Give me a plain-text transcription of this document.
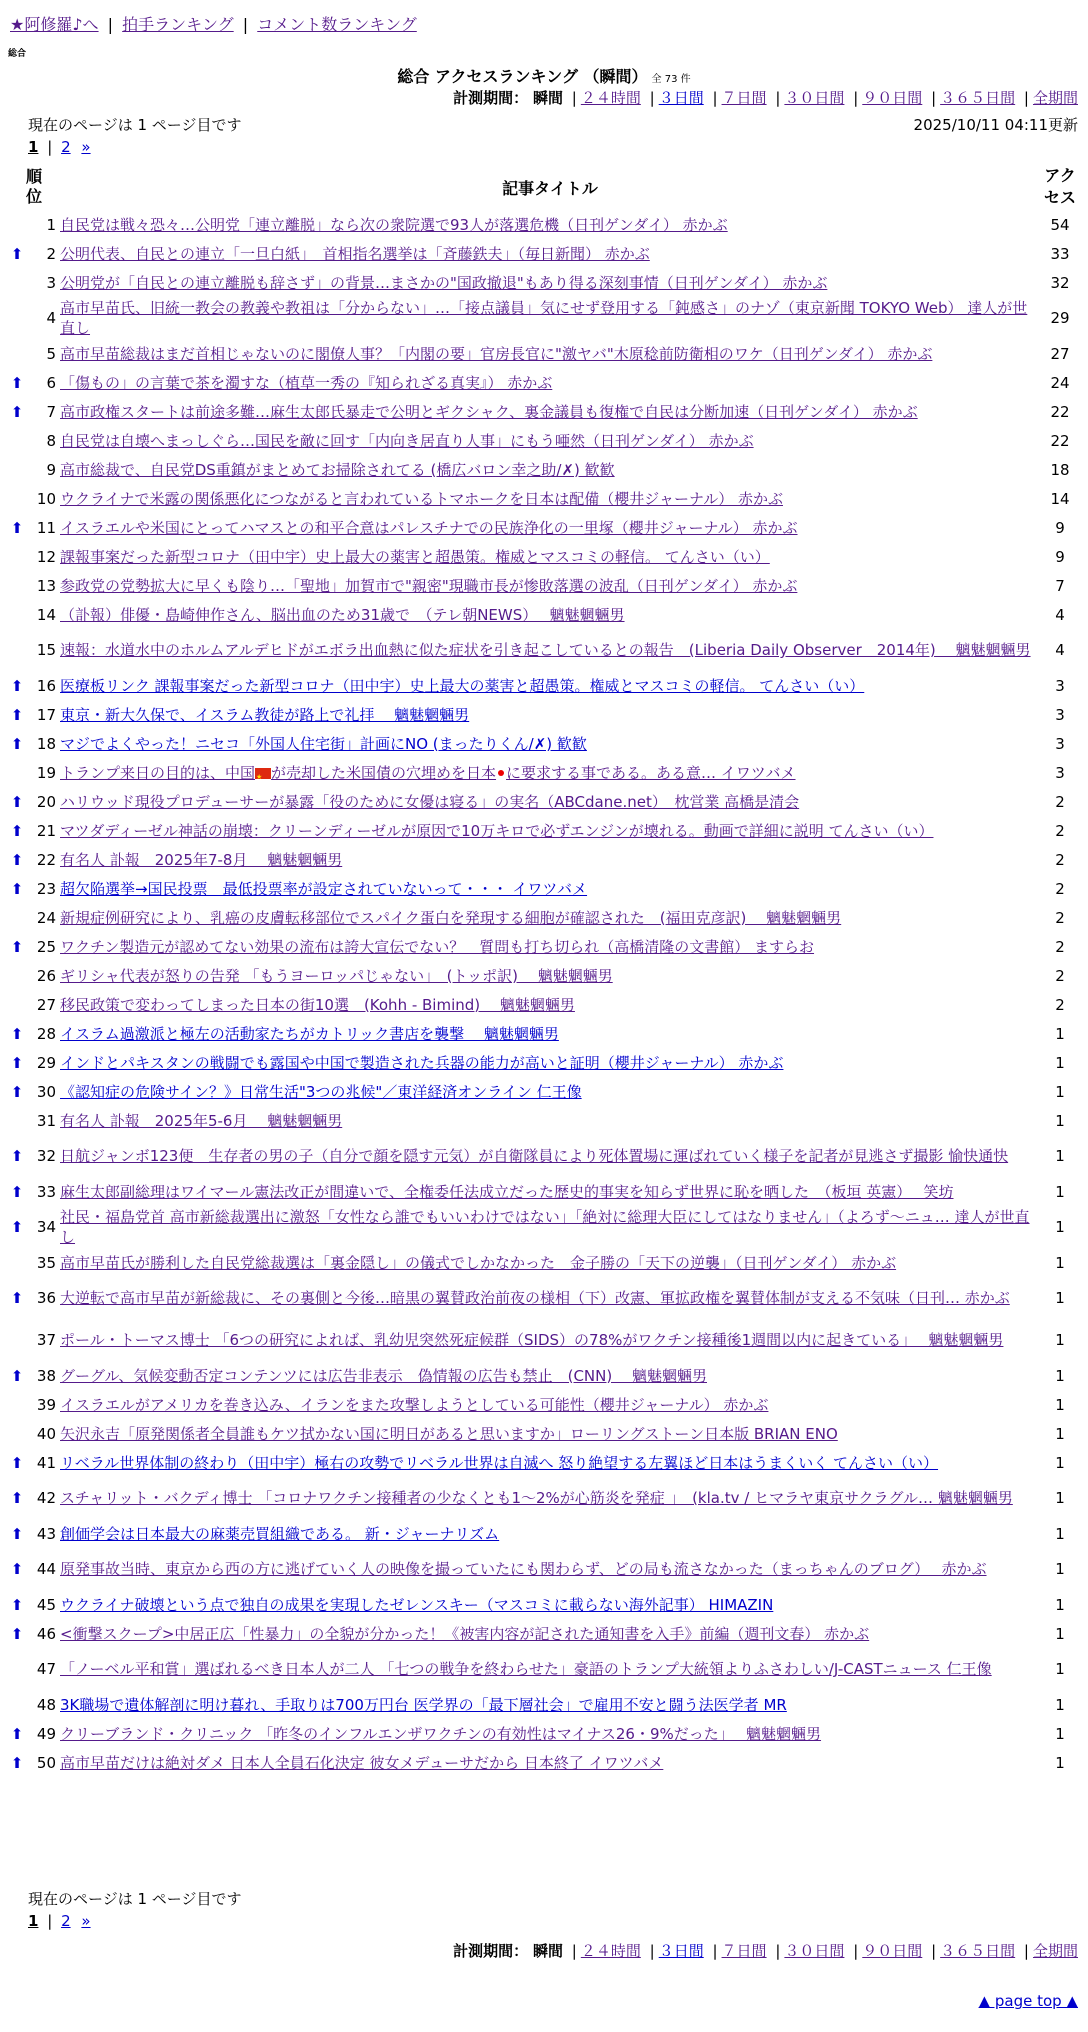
★阿修羅♪へ | 拍手ランキング | コメント数ランキング
総合
総合 アクセスランキング （瞬間） 全 73 件
計測期間： 瞬間 | ２４時間 | ３日間 | ７日間 | ３０日間 | ９０日間 | ３６５日間 | 全期間
現在のページは 1 ページ目です	2025/10/11 04:11更新
1 | 2 »
順位		記事タイトル	アクセス
	1	自民党は戦々恐々…公明党「連立離脱」なら次の衆院選で93人が落選危機（日刊ゲンダイ） 赤かぶ	54
⬆	2	公明代表、自民との連立「一旦白紙」　首相指名選挙は「斉藤鉄夫」（毎日新聞） 赤かぶ	33
	3	公明党が「自民との連立離脱も辞さず」の背景…まさかの"国政撤退"もあり得る深刻事情（日刊ゲンダイ） 赤かぶ	32
	4	高市早苗氏、旧統一教会の教義や教祖は「分からない」…「接点議員」気にせず登用する「鈍感さ」のナゾ（東京新聞 TOKYO Web） 達人が世直し	29
	5	高市早苗総裁はまだ首相じゃないのに閣僚人事？「内閣の要」官房長官に"激ヤバ"木原稔前防衛相のワケ（日刊ゲンダイ） 赤かぶ	27
⬆	6	「傷もの」の言葉で茶を濁すな（植草一秀の『知られざる真実』） 赤かぶ	24
⬆	7	高市政権スタートは前途多難…麻生太郎氏暴走で公明とギクシャク、裏金議員も復権で自民は分断加速（日刊ゲンダイ） 赤かぶ	22
	8	自民党は自壊へまっしぐら…国民を敵に回す「内向き居直り人事」にもう唖然（日刊ゲンダイ） 赤かぶ	22
	9	高市総裁で、自民党DS重鎮がまとめてお掃除されてる (橋広バロン幸之助/✗) 歓歓	18
	10	ウクライナで米露の関係悪化につながると言われているトマホークを日本は配備（櫻井ジャーナル） 赤かぶ	14
⬆	11	イスラエルや米国にとってハマスとの和平合意はパレスチナでの民族浄化の一里塚（櫻井ジャーナル） 赤かぶ	9
	12	課報事案だった新型コロナ（田中宇）史上最大の薬害と超愚策。権威とマスコミの軽信。 てんさい（い）	9
	13	参政党の党勢拡大に早くも陰り…「聖地」加賀市で"親密"現職市長が惨敗落選の波乱（日刊ゲンダイ） 赤かぶ	7
	14	（訃報）俳優・島崎伸作さん、脳出血のため31歳で　（テレ朝NEWS）　 魑魅魍魎男	4
	15	速報：水道水中のホルムアルデヒドがエボラ出血熱に似た症状を引き起こしているとの報告　(Liberia Daily Observer　2014年)　 魑魅魍魎男	4
⬆	16	医療板リンク 課報事案だった新型コロナ（田中宇）史上最大の薬害と超愚策。権威とマスコミの軽信。 てんさい（い）	3
⬆	17	東京・新大久保で、イスラム教徒が路上で礼拝　 魑魅魍魎男	3
⬆	18	マジでよくやった！ニセコ「外国人住宅街」計画にNO (まったりくん/✗) 歓歓	3
	19	トランプ来日の目的は、中国 ★ が売却した米国債の穴埋めを日本 に要求する事である。ある意… イワツバメ	3
⬆	20	ハリウッド現役プロデューサーが暴露「役のために女優は寝る」の実名（ABCdane.net）　枕営業 高橋是清会	2
⬆	21	マツダディーゼル神話の崩壊：クリーンディーゼルが原因で10万キロで必ずエンジンが壊れる。動画で詳細に説明 てんさい（い）	2
⬆	22	有名人 訃報　2025年7-8月　 魑魅魍魎男	2
⬆	23	超欠陥選挙→国民投票　最低投票率が設定されていないって・・・ イワツバメ	2
	24	新規症例研究により、乳癌の皮膚転移部位でスパイク蛋白を発現する細胞が確認された　(福田克彦訳)　 魑魅魍魎男	2
⬆	25	ワクチン製造元が認めてない効果の流布は誇大宣伝でない？　質問も打ち切られ（高橋清隆の文書館） ますらお	2
	26	ギリシャ代表が怒りの告発 「もうヨーロッパじゃない」　(トッポ訳)　 魑魅魍魎男	2
	27	移民政策で変わってしまった日本の街10選　(Kohh - Bimind)　 魑魅魍魎男	2
⬆	28	イスラム過激派と極左の活動家たちがカトリック書店を襲撃　 魑魅魍魎男	1
⬆	29	インドとパキスタンの戦闘でも露国や中国で製造された兵器の能力が高いと証明（櫻井ジャーナル） 赤かぶ	1
⬆	30	《認知症の危険サイン？》日常生活"3つの兆候"／東洋経済オンライン 仁王像	1
	31	有名人 訃報　2025年5-6月　 魑魅魍魎男	1
⬆	32	日航ジャンボ123便　生存者の男の子（自分で顔を隠す元気）が自衛隊員により死体置場に運ばれていく様子を記者が見逃さず撮影 愉快通快	1
⬆	33	麻生太郎副総理はワイマール憲法改正が間違いで、全権委任法成立だった歴史的事実を知らず世界に恥を晒した　（板垣 英憲）　 笑坊	1
⬆	34	社民・福島党首 高市新総裁選出に激怒「女性なら誰でもいいわけではない」「絶対に総理大臣にしてはなりません」（よろず〜ニュ… 達人が世直し	1
	35	高市早苗氏が勝利した自民党総裁選は「裏金隠し」の儀式でしかなかった　金子勝の「天下の逆襲」（日刊ゲンダイ） 赤かぶ	1
⬆	36	大逆転で高市早苗が新総裁に、その裏側と今後…暗黒の翼賛政治前夜の様相（下）改憲、軍拡政権を翼賛体制が支える不気味（日刊… 赤かぶ	1
	37	ポール・トーマス博士 「6つの研究によれば、乳幼児突然死症候群（SIDS）の78%がワクチン接種後1週間以内に起きている」　 魑魅魍魎男	1
⬆	38	グーグル、気候変動否定コンテンツには広告非表示　偽情報の広告も禁止　(CNN)　 魑魅魍魎男	1
	39	イスラエルがアメリカを巻き込み、イランをまた攻撃しようとしている可能性（櫻井ジャーナル） 赤かぶ	1
	40	矢沢永吉「原発関係者全員誰もケツ拭かない国に明日があると思いますか」ローリングストーン日本版 BRIAN ENO	1
⬆	41	リベラル世界体制の終わり（田中宇）極右の攻勢でリベラル世界は自滅へ 怒り絶望する左翼ほど日本はうまくいく てんさい（い）	1
⬆	42	スチャリット・バクディ博士 「コロナワクチン接種者の少なくとも1〜2%が心筋炎を発症 」　(kla.tv / ヒマラヤ東京サクラグル… 魑魅魍魎男	1
⬆	43	創価学会は日本最大の麻薬売買組織である。 新・ジャーナリズム	1
⬆	44	原発事故当時、東京から西の方に逃げていく人の映像を撮っていたにも関わらず、どの局も流さなかった（まっちゃんのブログ）　 赤かぶ	1
⬆	45	ウクライナ破壊という点で独自の成果を実現したゼレンスキー（マスコミに載らない海外記事） HIMAZIN	1
⬆	46	<衝撃スクープ>中居正広「性暴力」の全貌が分かった！《被害内容が記された通知書を入手》前編（週刊文春） 赤かぶ	1
	47	「ノーベル平和賞」選ばれるべき日本人が二人 「七つの戦争を終わらせた」豪語のトランプ大統領よりふさわしい/J-CASTニュース 仁王像	1
	48	3K職場で遺体解剖に明け暮れ、手取りは700万円台 医学界の「最下層社会」で雇用不安と闘う法医学者 MR	1
⬆	49	クリーブランド・クリニック 「昨冬のインフルエンザワクチンの有効性はマイナス26・9%だった」　 魑魅魍魎男	1
⬆	50	高市早苗だけは絶対ダメ 日本人全員石化決定 彼女メデューサだから 日本終了 イワツバメ	1
現在のページは 1 ページ目です
1 | 2 »
計測期間： 瞬間 | ２４時間 | ３日間 | ７日間 | ３０日間 | ９０日間 | ３６５日間 | 全期間
▲ page top ▲
